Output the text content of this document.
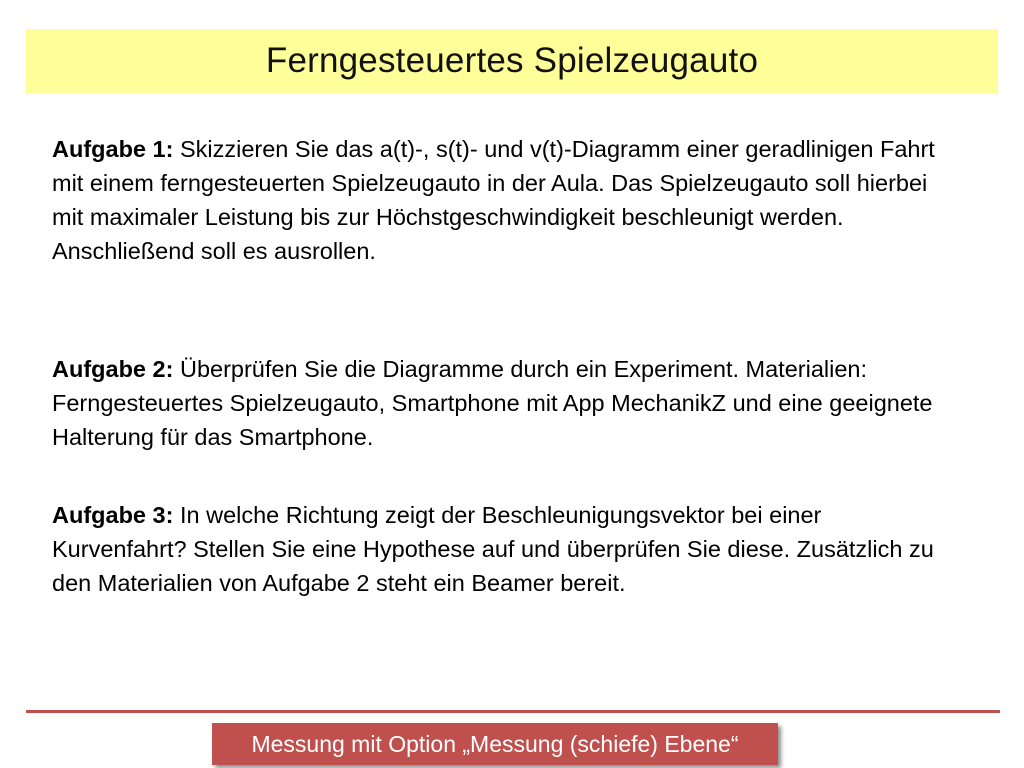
Ferngesteuertes Spielzeugauto

Aufgabe 1: Skizzieren Sie das a(t)-, s(t)- und v(t)-Diagramm einer geradlinigen Fahrt mit einem ferngesteuerten Spielzeugauto in der Aula. Das Spielzeugauto soll hierbei mit maximaler Leistung bis zur Höchstgeschwindigkeit beschleunigt werden. Anschließend soll es ausrollen.

Aufgabe 2: Überprüfen Sie die Diagramme durch ein Experiment. Materialien: Ferngesteuertes Spielzeugauto, Smartphone mit App MechanikZ und eine geeignete Halterung für das Smartphone.

Aufgabe 3: In welche Richtung zeigt der Beschleunigungsvektor bei einer Kurvenfahrt? Stellen Sie eine Hypothese auf und überprüfen Sie diese. Zusätzlich zu den Materialien von Aufgabe 2 steht ein Beamer bereit.

Messung mit Option „Messung (schiefe) Ebene“
